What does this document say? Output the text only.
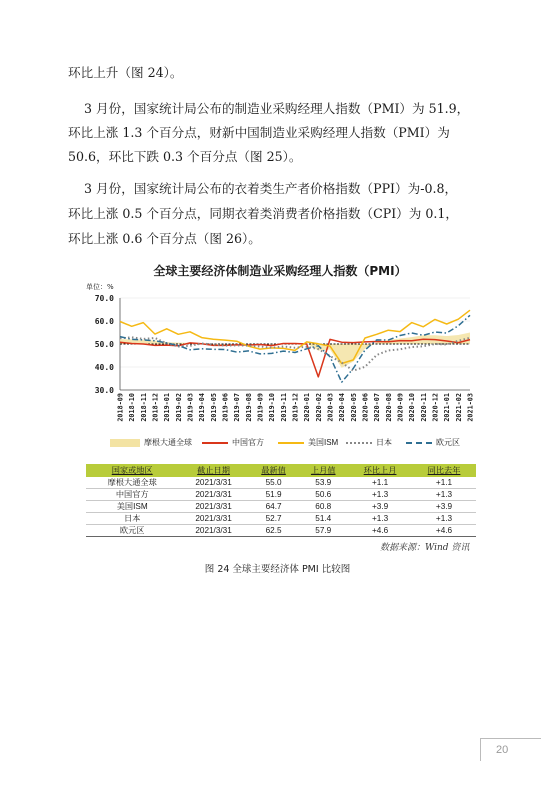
环比上升（图 24）。
3 月份，国家统计局公布的制造业采购经理人指数（PMI）为 51.9，
环比上涨 1.3 个百分点，财新中国制造业采购经理人指数（PMI）为
50.6，环比下跌 0.3 个百分点（图 25）。
3 月份，国家统计局公布的衣着类生产者价格指数（PPI）为-0.8，
环比上涨 0.5 个百分点，同期衣着类消费者价格指数（CPI）为 0.1，
环比上涨 0.6 个百分点（图 26）。
全球主要经济体制造业采购经理人指数（PMI）
单位：%
70.0
60.0
50.0
40.0
30.0
2018-09 2018-10 2018-11 2018-12 2019-01 2019-02 2019-03 2019-04 2019-05 2019-06 2019-07 2019-08 2019-09 2019-10 2019-11 2019-12 2020-01 2020-02 2020-03 2020-04 2020-05 2020-06 2020-07 2020-08 2020-09 2020-10 2020-11 2020-12 2021-01 2021-02 2021-03
摩根大通全球	中国官方	美国ISM	日本	欧元区
国家或地区	截止日期	最新值	上月值	环比上月	同比去年
摩根大通全球	2021/3/31	55.0	53.9	+1.1	+1.1
中国官方	2021/3/31	51.9	50.6	+1.3	+1.3
美国ISM	2021/3/31	64.7	60.8	+3.9	+3.9
日本	2021/3/31	52.7	51.4	+1.3	+1.3
欧元区	2021/3/31	62.5	57.9	+4.6	+4.6
数据来源：Wind 资讯
图 24 全球主要经济体 PMI 比较图
20
